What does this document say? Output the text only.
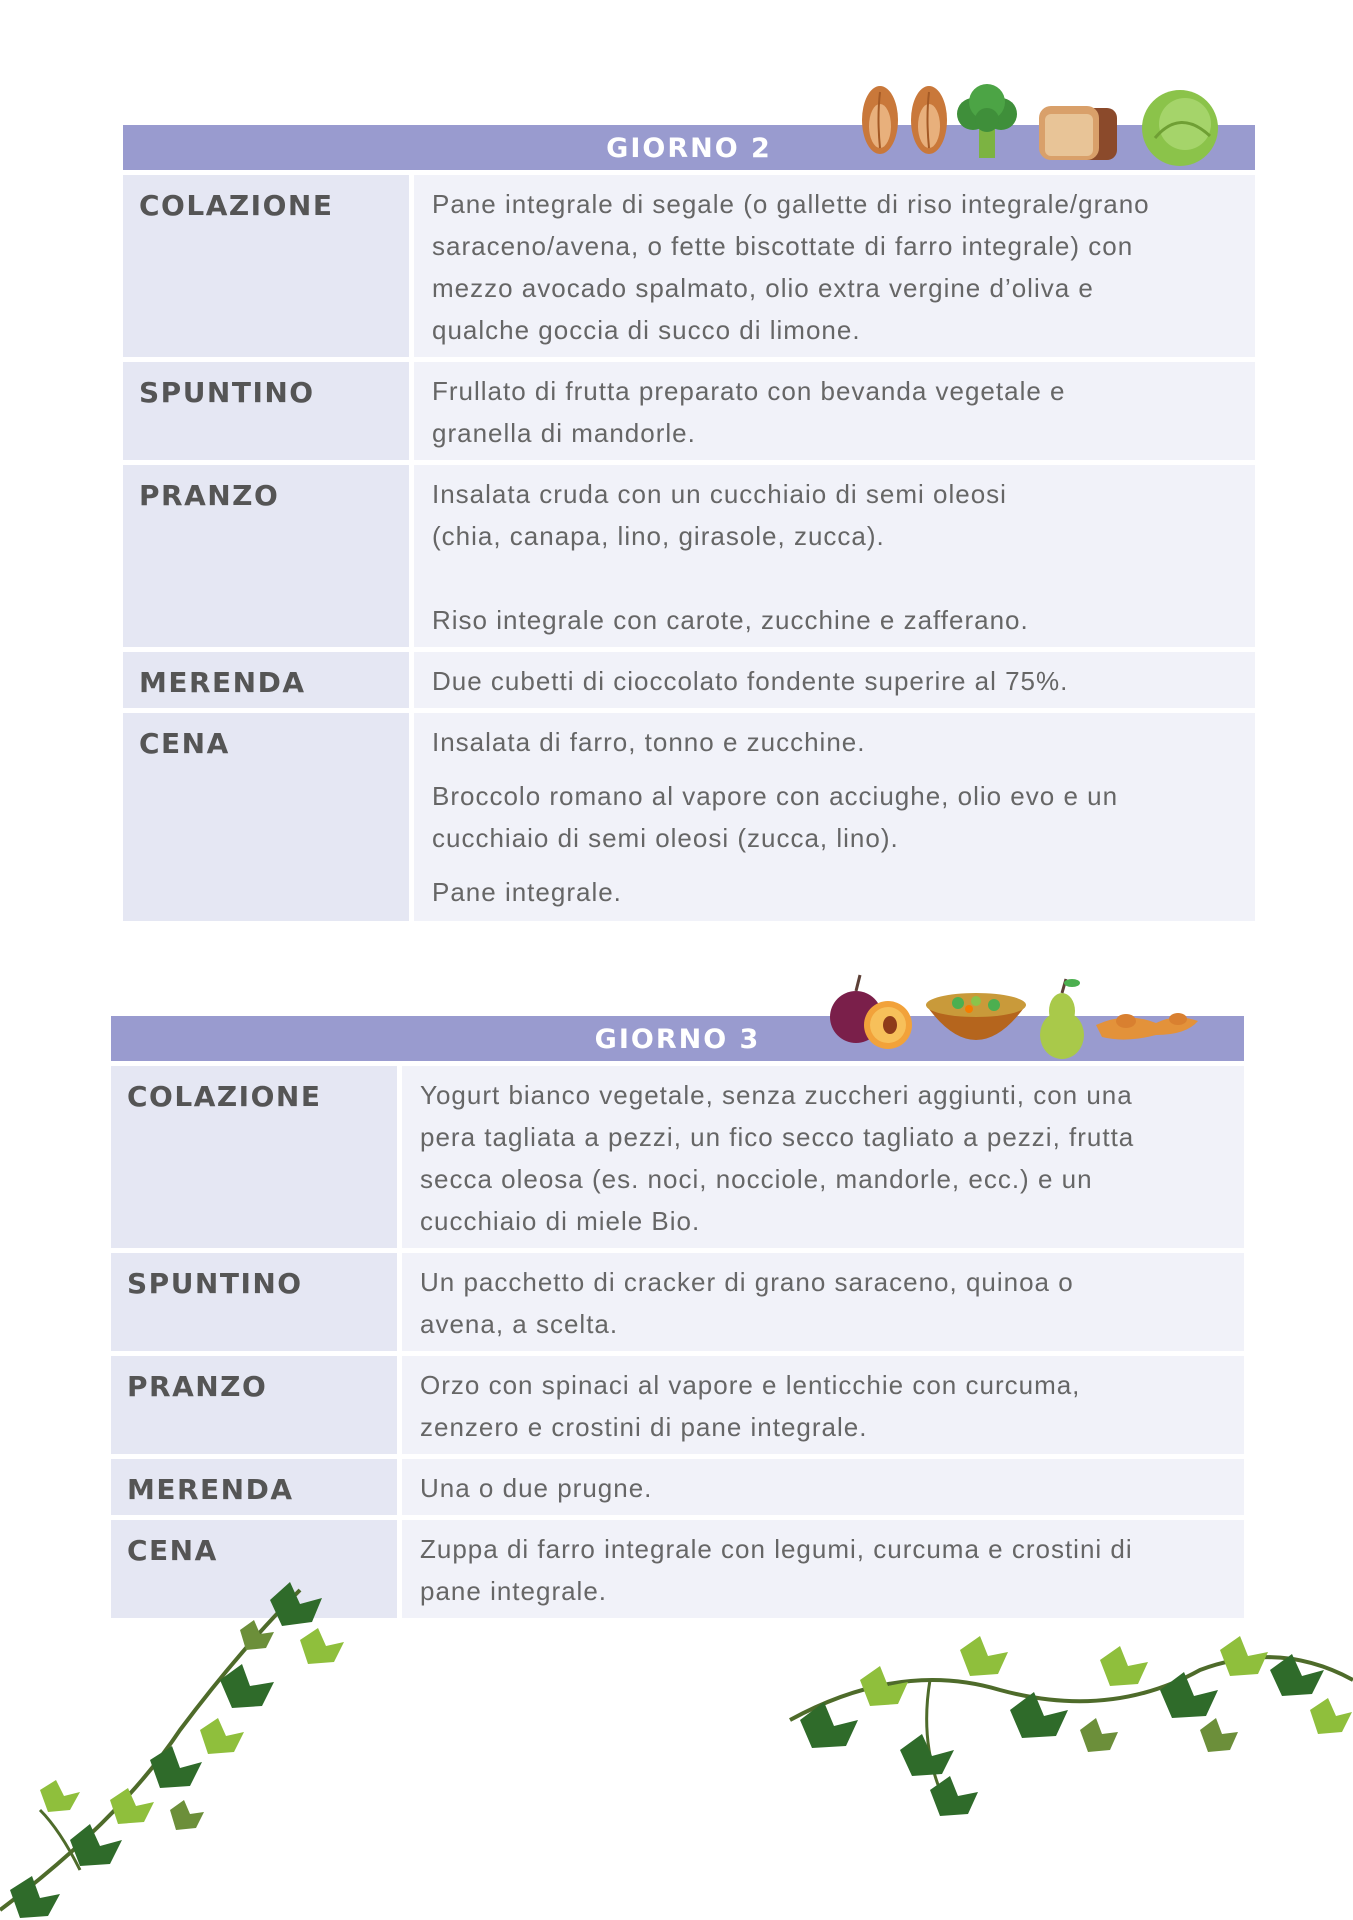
GIORNO 2
COLAZIONE	Pane integrale di segale (o gallette di riso integrale/grano
saraceno/avena, o fette biscottate di farro integrale) con
mezzo avocado spalmato, olio extra vergine d’oliva e
qualche goccia di succo di limone.

SPUNTINO	Frullato di frutta preparato con bevanda vegetale e
granella di mandorle.

PRANZO	Insalata cruda con un cucchiaio di semi oleosi
(chia, canapa, lino, girasole, zucca).

Riso integrale con carote, zucchine e zafferano.

MERENDA	Due cubetti di cioccolato fondente superire al 75%.

CENA	Insalata di farro, tonno e zucchine.

Broccolo romano al vapore con acciughe, olio evo e un
cucchiaio di semi oleosi (zucca, lino).

Pane integrale.

GIORNO 3
COLAZIONE	Yogurt bianco vegetale, senza zuccheri aggiunti, con una
pera tagliata a pezzi, un fico secco tagliato a pezzi, frutta
secca oleosa (es. noci, nocciole, mandorle, ecc.) e un
cucchiaio di miele Bio.

SPUNTINO	Un pacchetto di cracker di grano saraceno, quinoa o
avena, a scelta.

PRANZO	Orzo con spinaci al vapore e lenticchie con curcuma,
zenzero e crostini di pane integrale.

MERENDA	Una o due prugne.

CENA	Zuppa di farro integrale con legumi, curcuma e crostini di
pane integrale.
